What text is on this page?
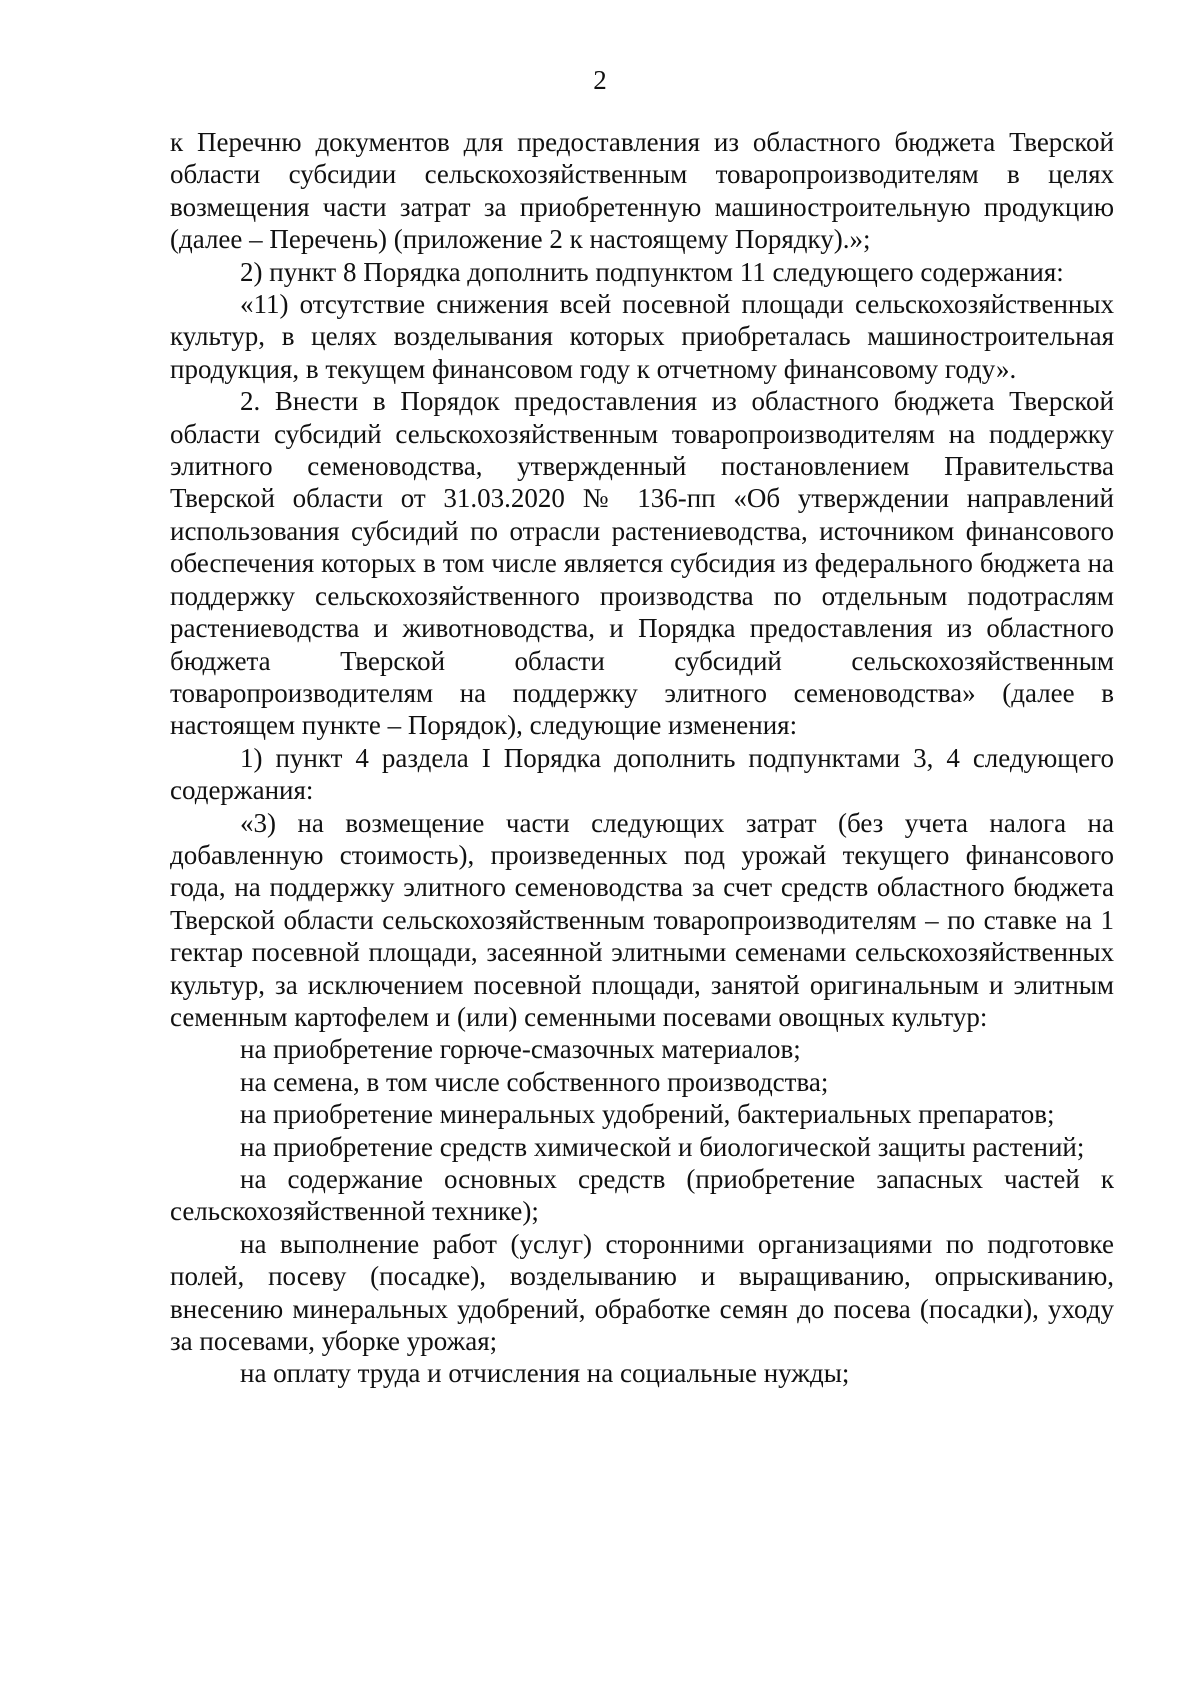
2

к Перечню документов для предоставления из областного бюджета Тверской области субсидии сельскохозяйственным товаропроизводителям в целях возмещения части затрат за приобретенную машиностроительную продукцию (далее – Перечень) (приложение 2 к настоящему Порядку).»;

2) пункт 8 Порядка дополнить подпунктом 11 следующего содержания:

«11) отсутствие снижения всей посевной площади сельскохозяйственных культур, в целях возделывания которых приобреталась машиностроительная продукция, в текущем финансовом году к отчетному финансовому году».

2. Внести в Порядок предоставления из областного бюджета Тверской области субсидий сельскохозяйственным товаропроизводителям на поддержку элитного семеноводства, утвержденный постановлением Правительства Тверской области от 31.03.2020 № 136-пп «Об утверждении направлений использования субсидий по отрасли растениеводства, источником финансового обеспечения которых в том числе является субсидия из федерального бюджета на поддержку сельскохозяйственного производства по отдельным подотраслям растениеводства и животноводства, и Порядка предоставления из областного бюджета Тверской области субсидий сельскохозяйственным товаропроизводителям на поддержку элитного семеноводства» (далее в настоящем пункте – Порядок), следующие изменения:

1) пункт 4 раздела I Порядка дополнить подпунктами 3, 4 следующего содержания:

«3) на возмещение части следующих затрат (без учета налога на добавленную стоимость), произведенных под урожай текущего финансового года, на поддержку элитного семеноводства за счет средств областного бюджета Тверской области сельскохозяйственным товаропроизводителям – по ставке на 1 гектар посевной площади, засеянной элитными семенами сельскохозяйственных культур, за исключением посевной площади, занятой оригинальным и элитным семенным картофелем и (или) семенными посевами овощных культур:

на приобретение горюче-смазочных материалов;

на семена, в том числе собственного производства;

на приобретение минеральных удобрений, бактериальных препаратов;

на приобретение средств химической и биологической защиты растений;

на содержание основных средств (приобретение запасных частей к сельскохозяйственной технике);

на выполнение работ (услуг) сторонними организациями по подготовке полей, посеву (посадке), возделыванию и выращиванию, опрыскиванию, внесению минеральных удобрений, обработке семян до посева (посадки), уходу за посевами, уборке урожая;

на оплату труда и отчисления на социальные нужды;
